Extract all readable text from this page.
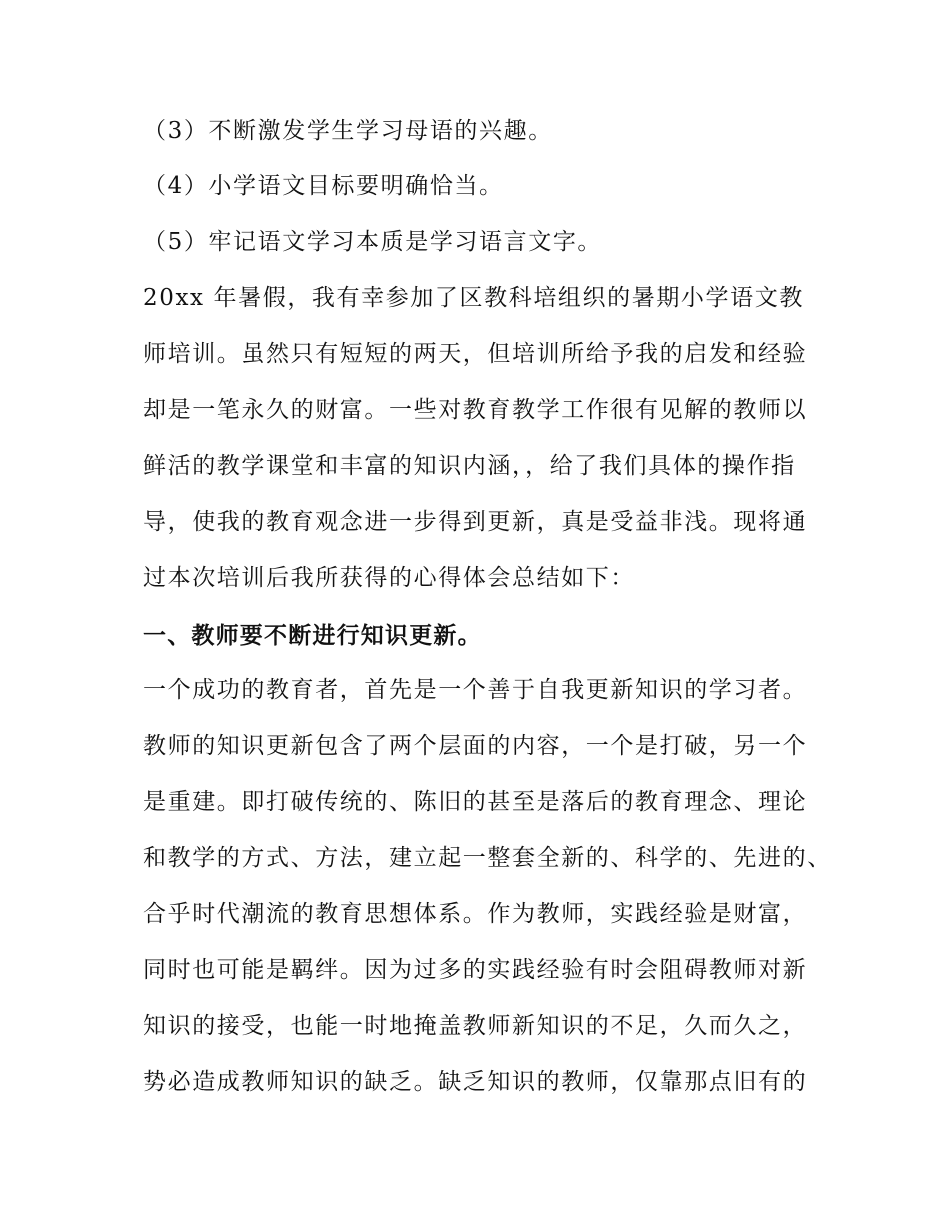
（3）不断激发学生学习母语的兴趣。
（4）小学语文目标要明确恰当。
（5）牢记语文学习本质是学习语言文字。
20xx 年暑假，我有幸参加了区教科培组织的暑期小学语文教
师培训。虽然只有短短的两天，但培训所给予我的启发和经验
却是一笔永久的财富。一些对教育教学工作很有见解的教师以
鲜活的教学课堂和丰富的知识内涵，，给了我们具体的操作指
导，使我的教育观念进一步得到更新，真是受益非浅。现将通
过本次培训后我所获得的心得体会总结如下：
一、教师要不断进行知识更新。
一个成功的教育者，首先是一个善于自我更新知识的学习者。
教师的知识更新包含了两个层面的内容，一个是打破，另一个
是重建。即打破传统的、陈旧的甚至是落后的教育理念、理论
和教学的方式、方法，建立起一整套全新的、科学的、先进的、
合乎时代潮流的教育思想体系。作为教师，实践经验是财富，
同时也可能是羁绊。因为过多的实践经验有时会阻碍教师对新
知识的接受，也能一时地掩盖教师新知识的不足，久而久之，
势必造成教师知识的缺乏。缺乏知识的教师，仅靠那点旧有的
